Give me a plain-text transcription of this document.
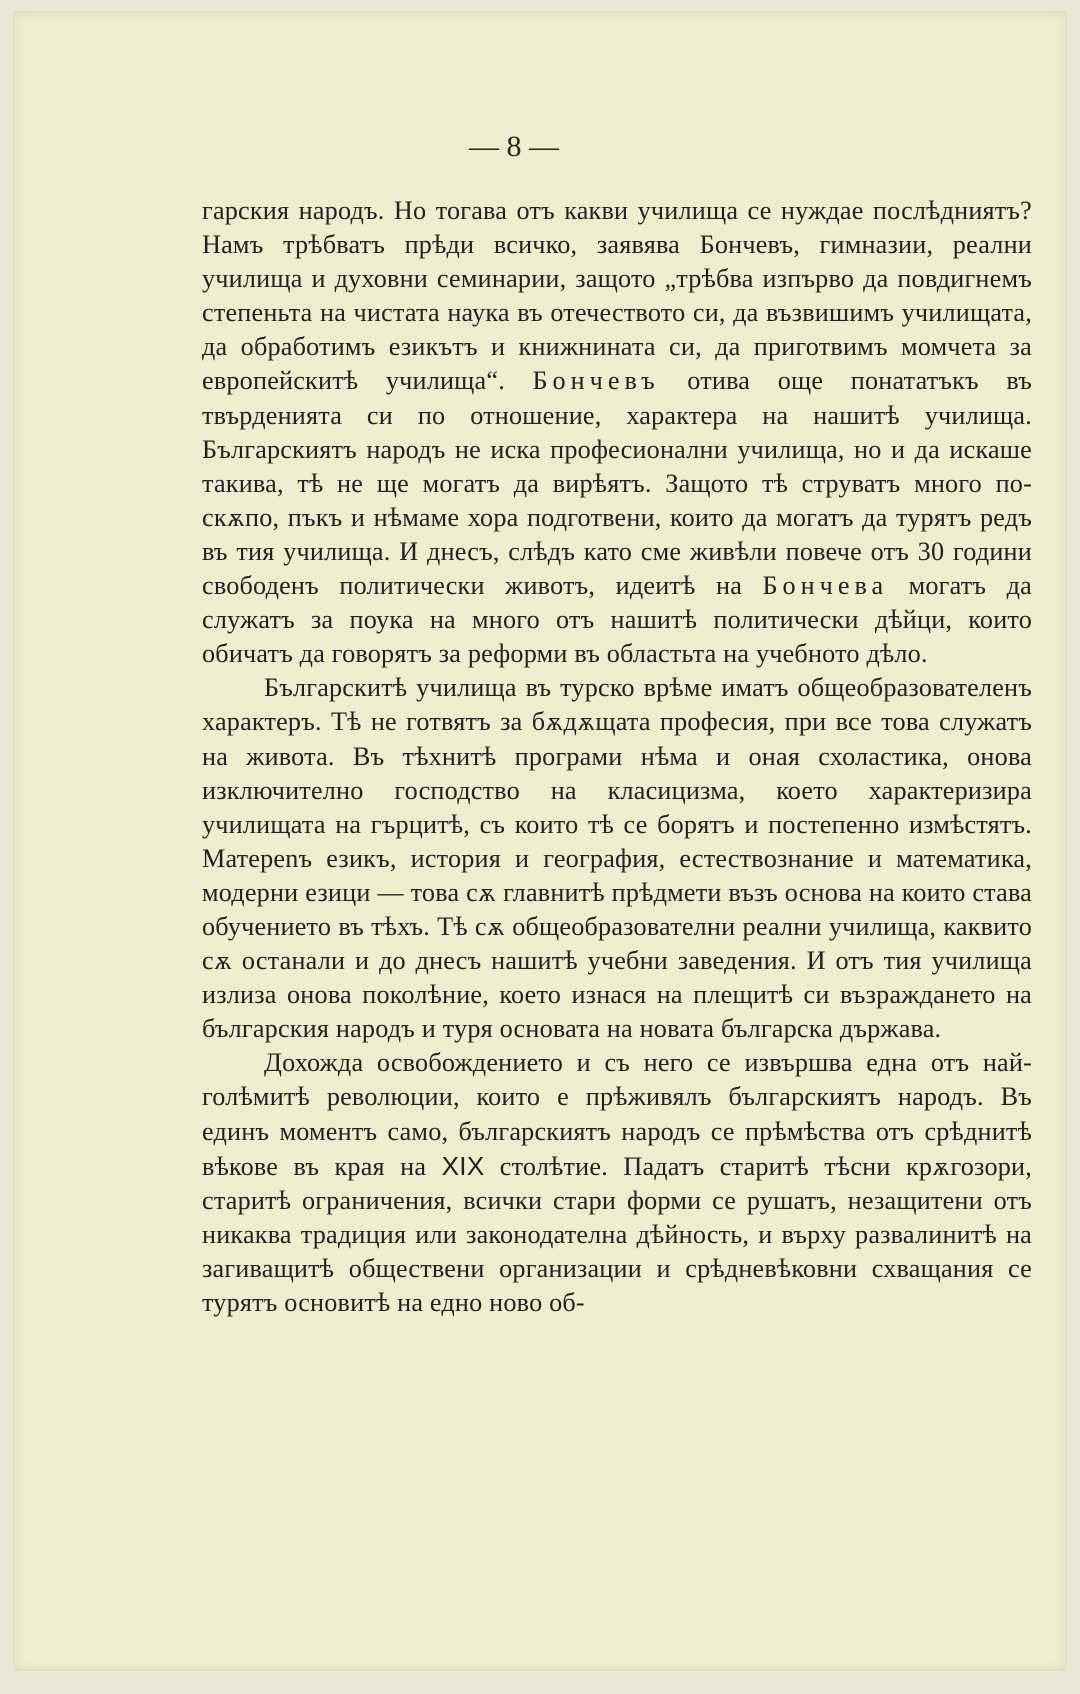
— 8 —

гарския народъ. Но тогава отъ какви училища се нуждае послѣдниятъ? Намъ трѣбватъ прѣди всичко, заявява Бончевъ, гимназии, реални училища и духовни семинарии, защото „трѣбва изпърво да повдигнемъ степеньта на чистата наука въ отечеството си, да възвишимъ училищата, да обработимъ езикътъ и книжнината си, да приготвимъ момчета за европейскитѣ училища“. Бончевъ отива още понататъкъ въ твърденията си по отношение, характера на нашитѣ училища. Българскиятъ народъ не иска професионални училища, но и да искаше такива, тѣ не ще могатъ да вирѣятъ. Защото тѣ струватъ много по-скѫпо, пъкъ и нѣмаме хора подготвени, които да могатъ да турятъ редъ въ тия училища. И днесъ, слѣдъ като сме живѣли повече отъ 30 години свободенъ политически животъ, идеитѣ на Бончева могатъ да служатъ за поука на много отъ нашитѣ политически дѣйци, които обичатъ да говорятъ за реформи въ областьта на учебното дѣло.

Българскитѣ училища въ турско врѣме иматъ общеобразователенъ характеръ. Тѣ не готвятъ за бѫдѫщата професия, при все това служатъ на живота. Въ тѣхнитѣ програми нѣма и оная схоластика, онова изключително господство на класицизма, което характеризира училищата на гърцитѣ, съ които тѣ се борятъ и постепенно измѣстятъ. Матерenъ езикъ, история и география, естествознание и математика, модерни езици — това сѫ главнитѣ прѣдмети възъ основа на които става обучението въ тѣхъ. Тѣ сѫ общеобразователни реални училища, каквито сѫ останали и до днесъ нашитѣ учебни заведения. И отъ тия училища излиза онова поколѣние, което изнася на плещитѣ си възраждането на българския народъ и туря основата на новата българска държава.

Дохожда освобождението и съ него се извършва една отъ най-голѣмитѣ революции, които е прѣживялъ българскиятъ народъ. Въ единъ моментъ само, българскиятъ народъ се прѣмѣства отъ срѣднитѣ вѣкове въ края на XIX столѣтие. Падатъ старитѣ тѣсни крѫгозори, старитѣ ограничения, всички стари форми се рушатъ, незащитени отъ никаква традиция или законодателна дѣйность, и върху развалинитѣ на загиващитѣ обществени организации и срѣдневѣковни схващания се турятъ основитѣ на едно ново об-
